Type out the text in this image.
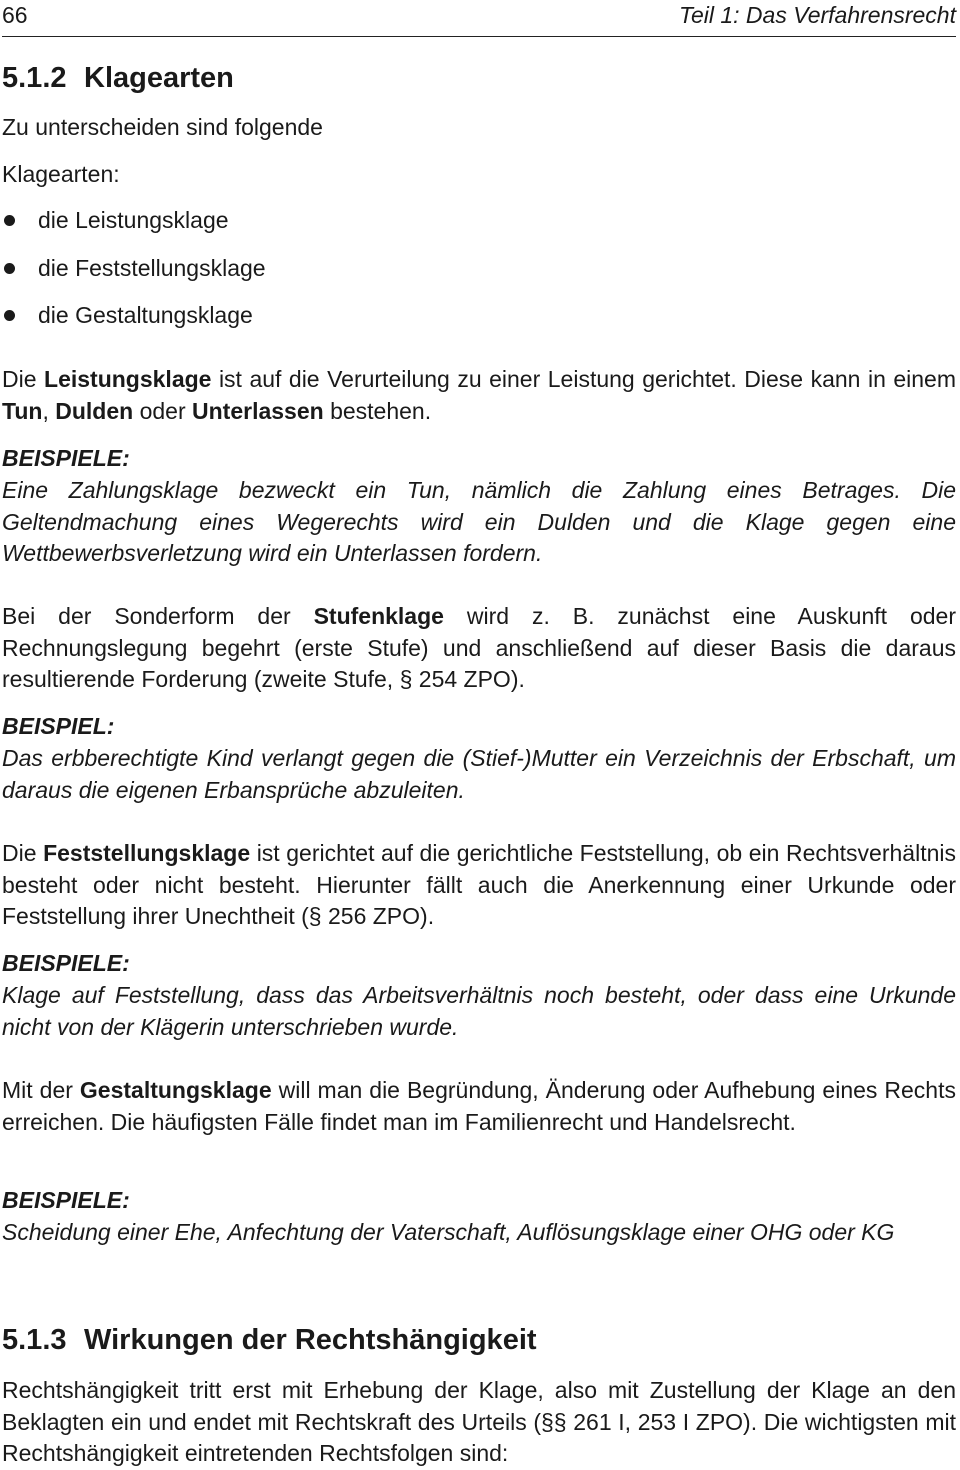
66	Teil 1: Das Verfahrensrecht
5.1.2 Klagearten
Zu unterscheiden sind folgende
Klagearten:
die Leistungsklage
die Feststellungsklage
die Gestaltungsklage
Die Leistungsklage ist auf die Verurteilung zu einer Leistung gerichtet. Diese kann in einem Tun, Dulden oder Unterlassen bestehen.
BEISPIELE:
Eine Zahlungsklage bezweckt ein Tun, nämlich die Zahlung eines Betrages. Die Geltendmachung eines Wegerechts wird ein Dulden und die Klage gegen eine Wettbewerbsverletzung wird ein Unterlassen fordern.
Bei der Sonderform der Stufenklage wird z. B. zunächst eine Auskunft oder Rechnungslegung begehrt (erste Stufe) und anschließend auf dieser Basis die daraus resultierende Forderung (zweite Stufe, § 254 ZPO).
BEISPIEL:
Das erbberechtigte Kind verlangt gegen die (Stief-)Mutter ein Verzeichnis der Erbschaft, um daraus die eigenen Erbansprüche abzuleiten.
Die Feststellungsklage ist gerichtet auf die gerichtliche Feststellung, ob ein Rechtsverhältnis besteht oder nicht besteht. Hierunter fällt auch die Anerkennung einer Urkunde oder Feststellung ihrer Unechtheit (§ 256 ZPO).
BEISPIELE:
Klage auf Feststellung, dass das Arbeitsverhältnis noch besteht, oder dass eine Urkunde nicht von der Klägerin unterschrieben wurde.
Mit der Gestaltungsklage will man die Begründung, Änderung oder Aufhebung eines Rechts erreichen. Die häufigsten Fälle findet man im Familienrecht und Handelsrecht.
BEISPIELE:
Scheidung einer Ehe, Anfechtung der Vaterschaft, Auflösungsklage einer OHG oder KG
5.1.3 Wirkungen der Rechtshängigkeit
Rechtshängigkeit tritt erst mit Erhebung der Klage, also mit Zustellung der Klage an den Beklagten ein und endet mit Rechtskraft des Urteils (§§ 261 I, 253 I ZPO). Die wichtigsten mit Rechtshängigkeit eintretenden Rechtsfolgen sind:
